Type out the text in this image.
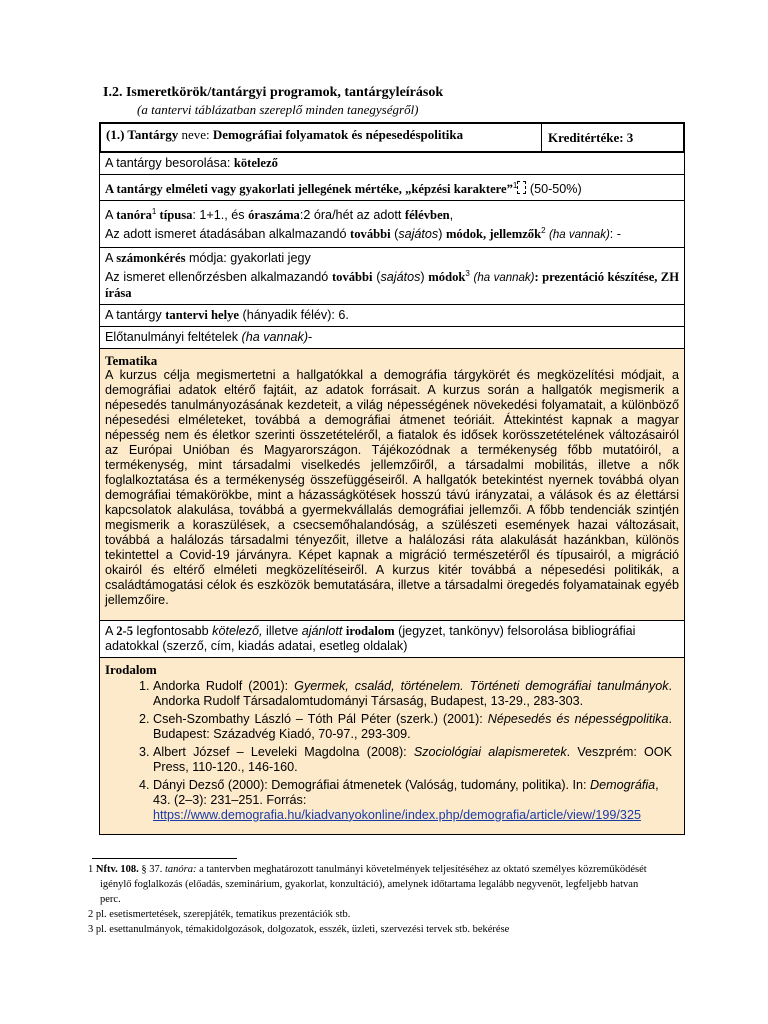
I.2. Ismeretkörök/tantárgyi programok, tantárgyleírások
(a tantervi táblázatban szereplő minden tanegységről)
(1.) Tantárgy neve: Demográfiai folyamatok és népesedéspolitika	Kreditértéke: 3

A tantárgy besorolása: kötelező
A tantárgy elméleti vagy gyakorlati jellegének mértéke, „képzési karaktere”$^1$ (50-50%)

A tanóra$^1$ típusa: 1+1., és óraszáma:2 óra/hét az adott félévben,
Az adott ismeret átadásában alkalmazandó további (sajátos) módok, jellemzők$^2$ (ha vannak): -

A számonkérés módja: gyakorlati jegy
Az ismeret ellenőrzésben alkalmazandó további (sajátos) módok$^3$ (ha vannak): prezentáció készítése, ZH írása

A tantárgy tantervi helye (hányadik félév): 6.
Előtanulmányi feltételek (ha vannak)-

Tematika
A kurzus célja megismertetni a hallgatókkal a demográfia tárgykörét és megközelítési módjait, a demográfiai adatok eltérő fajtáit, az adatok forrásait. A kurzus során a hallgatók megismerik a népesedés tanulmányozásának kezdeteit, a világ népességének növekedési folyamatait, a különböző népesedési elméleteket, továbbá a demográfiai átmenet teóriáit. Áttekintést kapnak a magyar népesség nem és életkor szerinti összetételéről, a fiatalok és idősek korösszetételének változásairól az Európai Unióban és Magyarországon. Tájékozódnak a termékenység főbb mutatóiról, a termékenység, mint társadalmi viselkedés jellemzőiről, a társadalmi mobilitás, illetve a nők foglalkoztatása és a termékenység összefüggéseiről. A hallgatók betekintést nyernek továbbá olyan demográfiai témakörökbe, mint a házasságkötések hosszú távú irányzatai, a válások és az élettársi kapcsolatok alakulása, továbbá a gyermekvállalás demográfiai jellemzői. A főbb tendenciák szintjén megismerik a koraszülések, a csecsemőhalandóság, a szülészeti események hazai változásait, továbbá a halálozás társadalmi tényezőit, illetve a halálozási ráta alakulását hazánkban, különös tekintettel a Covid-19 járványra. Képet kapnak a migráció természetéről és típusairól, a migráció okairól és eltérő elméleti megközelítéseiről. A kurzus kitér továbbá a népesedési politikák, a családtámogatási célok és eszközök bemutatására, illetve a társadalmi öregedés folyamatainak egyéb jellemzőire.

A 2-5 legfontosabb kötelező, illetve ajánlott irodalom (jegyzet, tankönyv) felsorolása bibliográfiai adatokkal (szerző, cím, kiadás adatai, esetleg oldalak)

Irodalom
1. Andorka Rudolf (2001): Gyermek, család, történelem. Történeti demográfiai tanulmányok. Andorka Rudolf Társadalomtudományi Társaság, Budapest, 13-29., 283-303.
2. Cseh-Szombathy László – Tóth Pál Péter (szerk.) (2001): Népesedés és népességpolitika. Budapest: Századvég Kiadó, 70-97., 293-309.
3. Albert József – Leveleki Magdolna (2008): Szociológiai alapismeretek. Veszprém: OOK Press, 110-120., 146-160.
4. Dányi Dezső (2000): Demográfiai átmenetek (Valóság, tudomány, politika). In: Demográfia, 43. (2–3): 231–251. Forrás: https://www.demografia.hu/kiadvanyokonline/index.php/demografia/article/view/199/325

1 Nftv. 108. § 37. tanóra: a tantervben meghatározott tanulmányi követelmények teljesítéséhez az oktató személyes közreműködését igénylő foglalkozás (előadás, szeminárium, gyakorlat, konzultáció), amelynek időtartama legalább negyvenöt, legfeljebb hatvan perc.

2 pl. esetismertetések, szerepjáték, tematikus prezentációk stb.

3 pl. esettanulmányok, témakidolgozások, dolgozatok, esszék, üzleti, szervezési tervek stb. bekérése
